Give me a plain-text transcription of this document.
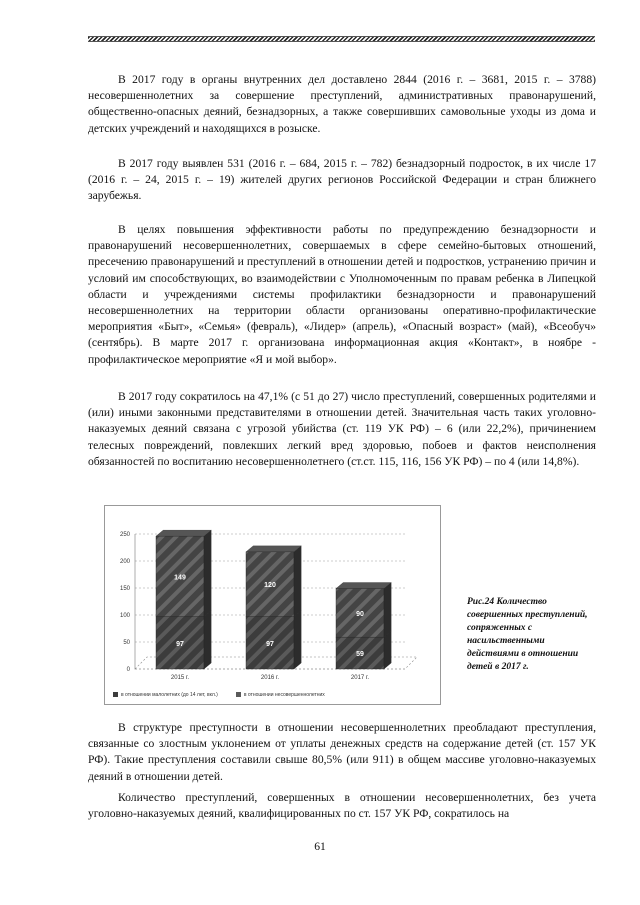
В 2017 году в органы внутренних дел доставлено 2844 (2016 г. – 3681, 2015 г. – 3788) несовершеннолетних за совершение преступлений, административных правонарушений, общественно-опасных деяний, безнадзорных, а также совершивших самовольные уходы из дома и детских учреждений и находящихся в розыске.

В 2017 году выявлен 531 (2016 г. – 684, 2015 г. – 782) безнадзорный подросток, в их числе 17 (2016 г. – 24, 2015 г. – 19) жителей других регионов Российской Федерации и стран ближнего зарубежья.

В целях повышения эффективности работы по предупреждению безнадзорности и правонарушений несовершеннолетних, совершаемых в сфере семейно-бытовых отношений, пресечению правонарушений и преступлений в отношении детей и подростков, устранению причин и условий им способствующих, во взаимодействии с Уполномоченным по правам ребенка в Липецкой области и учреждениями системы профилактики безнадзорности и правонарушений несовершеннолетних на территории области организованы оперативно-профилактические мероприятия «Быт», «Семья» (февраль), «Лидер» (апрель), «Опасный возраст» (май), «Всеобуч» (сентябрь). В марте 2017 г. организована информационная акция «Контакт», в ноябре - профилактическое мероприятие «Я и мой выбор».

В 2017 году сократилось на 47,1% (с 51 до 27) число преступлений, совершенных родителями и (или) иными законными представителями в отношении детей. Значительная часть таких уголовно-наказуемых деяний связана с угрозой убийства (ст. 119 УК РФ) – 6 (или 22,2%), причинением телесных повреждений, повлекших легкий вред здоровью, побоев и фактов неисполнения обязанностей по воспитанию несовершеннолетнего (ст.ст. 115, 116, 156 УК РФ) – по 4 (или 14,8%).

97
149
97
120
59
90
0
50
100
150
200
250
2015 г.	2016 г.	2017 г.
в отношении малолетних (до 14 лет, вкл.)	в отношении несовершеннолетних
Рис.24 Количество совершенных преступлений, сопряженных с насильственными действиями в отношении детей в 2017 г.

В структуре преступности в отношении несовершеннолетних преобладают преступления, связанные со злостным уклонением от уплаты денежных средств на содержание детей (ст. 157 УК РФ). Такие преступления составили свыше 80,5% (или 911) в общем массиве уголовно-наказуемых деяний в отношении детей.

Количество преступлений, совершенных в отношении несовершеннолетних, без учета уголовно-наказуемых деяний, квалифицированных по ст. 157 УК РФ, сократилось на

61
